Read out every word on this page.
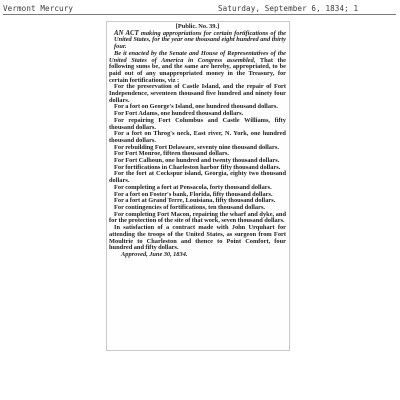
Vermont Mercury	Saturday, September 6, 1834; 1

[Public. No. 39.]

AN ACT making appropriations for certain fortifications of the United States, for the year one thousand eight hundred and thirty four.

Be it enacted by the Senate and House of Representatives of the United States of America in Congress assembled, That the following sums be, and the same are hereby, appropriated, to be paid out of any unappropriated money in the Treasury, for certain fortifications, viz :

For the preservation of Castle Island, and the repair of Fort Independence, seventeen thousand five hundred and ninety four dollars.

For a fort on George's Island, one hundred thousand dollars.

For Fort Adams, one hundred thousand dollars.

For repairing Fort Columbus and Castle Williams, fifty thousand dollars.

For a fort on Throg's neck, East river, N. York, one hundred thousand dollars.

For rebuilding Fort Delaware, seventy nine thousand dollars.

For Fort Monroe, fifteen thousand dollars.

For Fort Calhoun, one hundred and twenty thousand dollars.

For fortifications in Charleston harbor fifty thousand dollars.

For the fort at Cockspur island, Georgia, eighty two thousand dollars.

For completing a fort at Pensacola, forty thousand dollars.

For a fort on Foster's bank, Florida, fifty thousand dollars.

For a fort at Grand Terre, Louisiana, fifty thousand dollars.

For contingencies of fortifications, ten thousand dollars.

For completing Fort Macon, repairing the wharf and dyke, and for the protection of the site of that work, seven thousand dollars.

In satisfaction of a contract made with John Urquhart for attending the troops of the United States, as surgeon from Fort Moultrie to Charleston and thence to Point Comfort, four hundred and fifty dollars.

Approved, June 30, 1834.
